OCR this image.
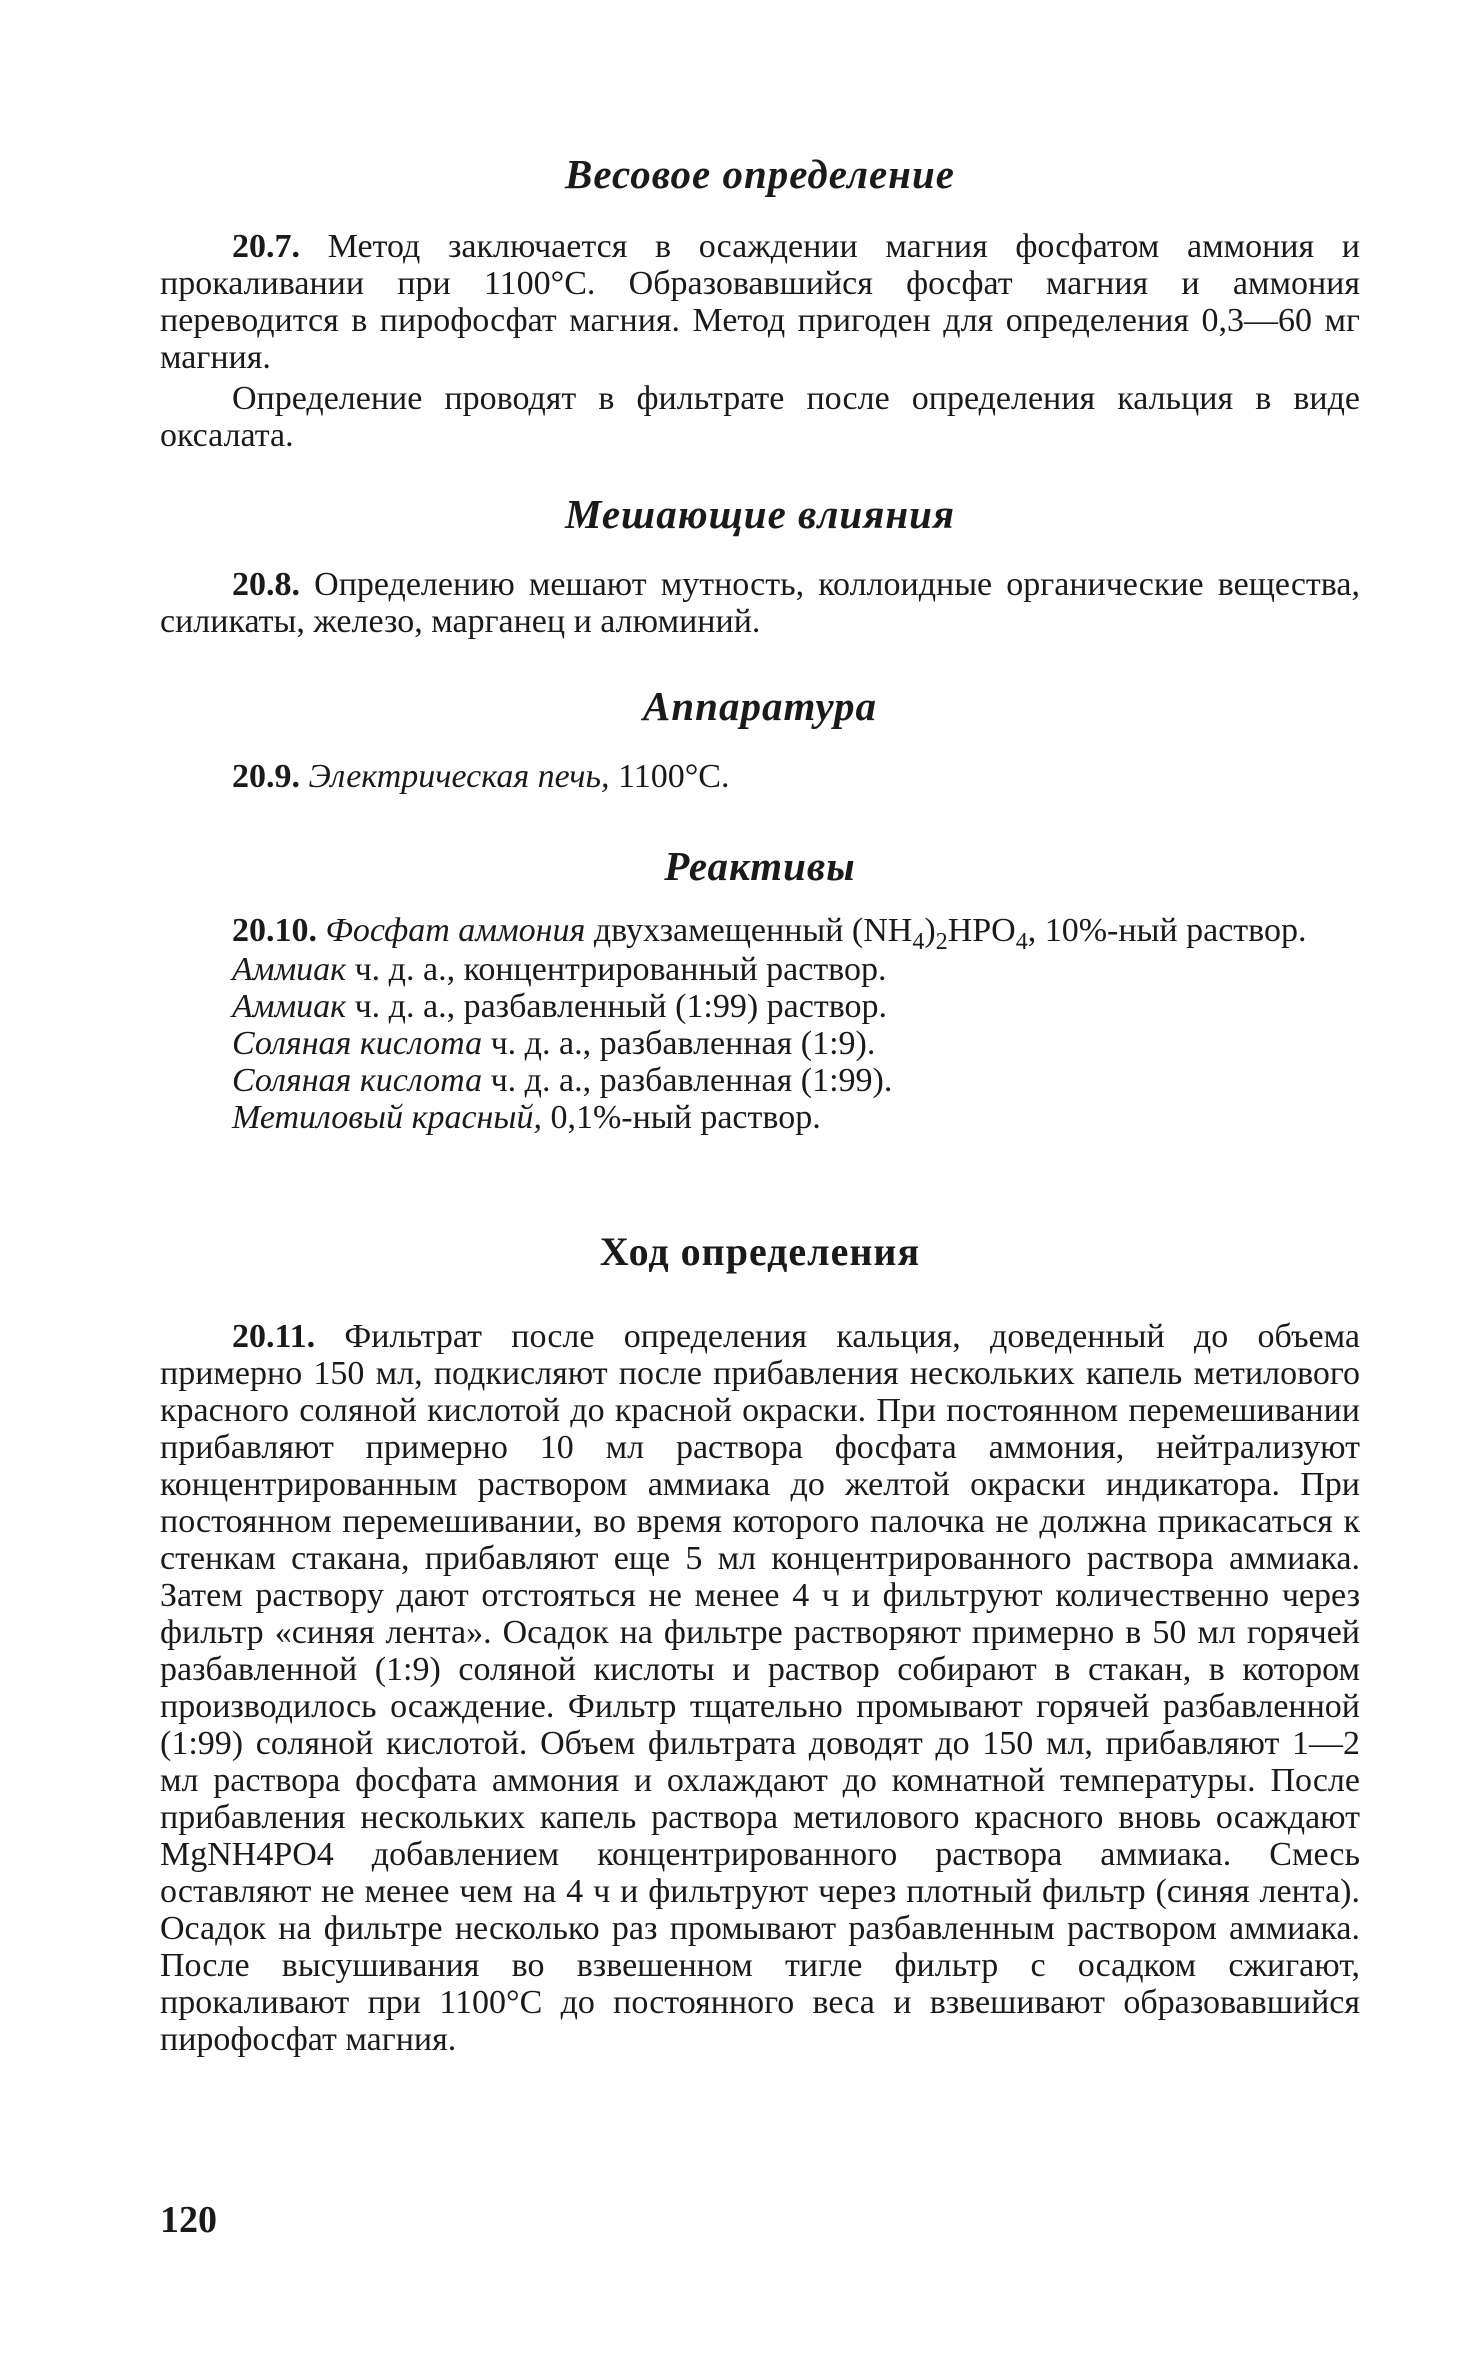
Весовое определение

20.7. Метод заключается в осаждении магния фосфатом аммония и прокаливании при 1100°С. Образовавшийся фосфат магния и аммония переводится в пирофосфат магния. Метод пригоден для определения 0,3—60 мг магния.

Определение проводят в фильтрате после определения кальция в виде оксалата.

Мешающие влияния

20.8. Определению мешают мутность, коллоидные органические вещества, силикаты, железо, марганец и алюминий.

Аппаратура

20.9. Электрическая печь, 1100°С.

Реактивы

20.10. Фосфат аммония двухзамещенный $(NH_4)_2HPO_4$, 10%-ный раствор.

Аммиак ч. д. а., концентрированный раствор.
Аммиак ч. д. а., разбавленный (1:99) раствор.
Соляная кислота ч. д. а., разбавленная (1:9).
Соляная кислота ч. д. а., разбавленная (1:99).
Метиловый красный, 0,1%-ный раствор.
Ход определения

20.11. Фильтрат после определения кальция, доведенный до объема примерно 150 мл, подкисляют после прибавления нескольких капель метилового красного соляной кислотой до красной окраски. При постоянном перемешивании прибавляют примерно 10 мл раствора фосфата аммония, нейтрализуют концентрированным раствором аммиака до желтой окраски индикатора. При постоянном перемешивании, во время которого палочка не должна прикасаться к стенкам стакана, прибавляют еще 5 мл концентрированного раствора аммиака. Затем раствору дают отстояться не менее 4 ч и фильтруют количественно через фильтр «синяя лента». Осадок на фильтре растворяют примерно в 50 мл горячей разбавленной (1:9) соляной кислоты и раствор собирают в стакан, в котором производилось осаждение. Фильтр тщательно промывают горячей разбавленной (1:99) соляной кислотой. Объем фильтрата доводят до 150 мл, прибавляют 1—2 мл раствора фосфата аммония и охлаждают до комнатной температуры. После прибавления нескольких капель раствора метилового красного вновь осаждают MgNH4PO4 добавлением концентрированного раствора аммиака. Смесь оставляют не менее чем на 4 ч и фильтруют через плотный фильтр (синяя лента). Осадок на фильтре несколько раз промывают разбавленным раствором аммиака. После высушивания во взвешенном тигле фильтр с осадком сжигают, прокаливают при 1100°С до постоянного веса и взвешивают образовавшийся пирофосфат магния.

120
